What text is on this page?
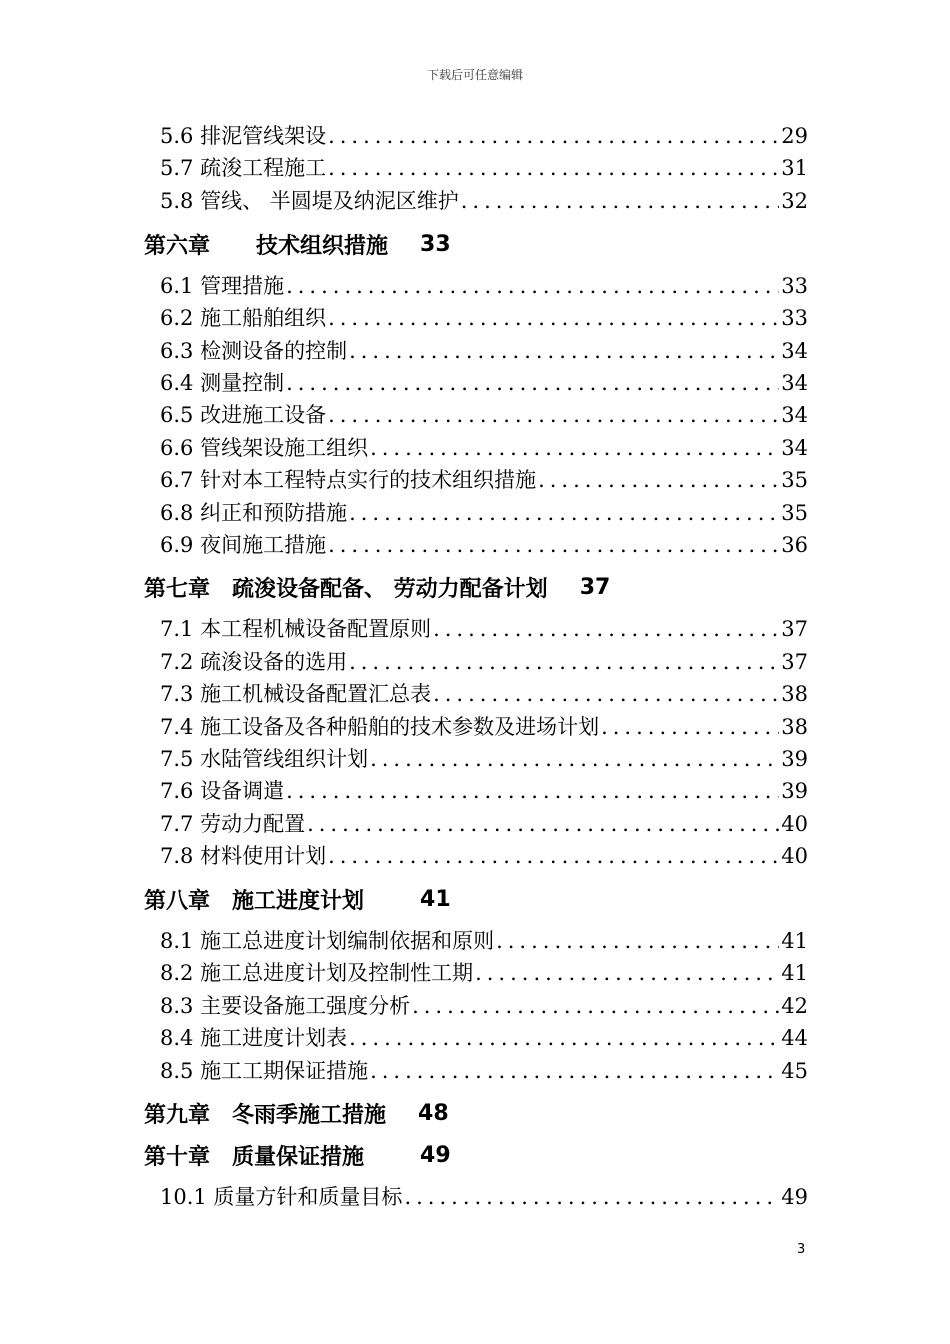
下载后可任意编辑
5.6 排泥管线架设 .....	29
5.7 疏浚工程施工 .....	31
5.8 管线、 半圆堤及纳泥区维护 .....	32
第六章 技术组织措施 33
6.1 管理措施 .....	33
6.2 施工船舶组织 .....	33
6.3 检测设备的控制 .....	34
6.4 测量控制 .....	34
6.5 改进施工设备 .....	34
6.6 管线架设施工组织 .....	34
6.7 针对本工程特点实行的技术组织措施 .....	35
6.8 纠正和预防措施 .....	35
6.9 夜间施工措施 .....	36
第七章 疏浚设备配备、 劳动力配备计划 37
7.1 本工程机械设备配置原则 .....	37
7.2 疏浚设备的选用 .....	37
7.3 施工机械设备配置汇总表 .....	38
7.4 施工设备及各种船舶的技术参数及进场计划 .....	38
7.5 水陆管线组织计划 .....	39
7.6 设备调遣 .....	39
7.7 劳动力配置 .....	40
7.8 材料使用计划 .....	40
第八章 施工进度计划	41
8.1 施工总进度计划编制依据和原则 .....	41
8.2 施工总进度计划及控制性工期 .....	41
8.3 主要设备施工强度分析 .....	42
8.4 施工进度计划表 .....	44
8.5 施工工期保证措施 .....	45
第九章 冬雨季施工措施 48
第十章 质量保证措施	49
10.1 质量方针和质量目标 .....	49
3
